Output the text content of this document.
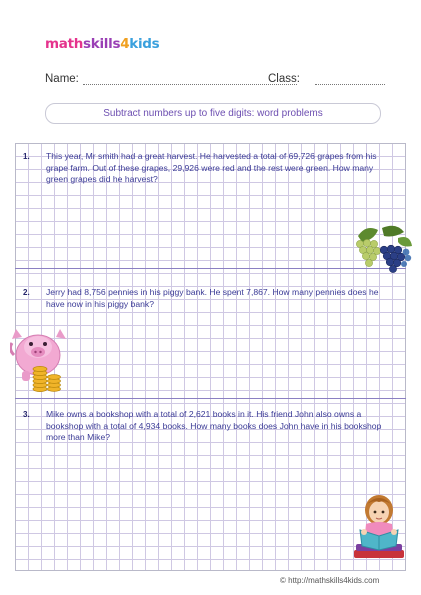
mathskills4kids
Name:	Class:
Subtract numbers up to five digits: word problems
1. This year, Mr smith had a great harvest. He harvested a total of 69,726 grapes from his grape farm. Out of these grapes, 29,926 were red and the rest were green. How many green grapes did he harvest?
2. Jerry had 8,756 pennies in his piggy bank. He spent 7,867. How many pennies does he have now in his piggy bank?
3. Mike owns a bookshop with a total of 2,621 books in it. His friend John also owns a bookshop with a total of 4,934 books. How many books does John have in his bookshop more than Mike?
© http://mathskills4kids.com
